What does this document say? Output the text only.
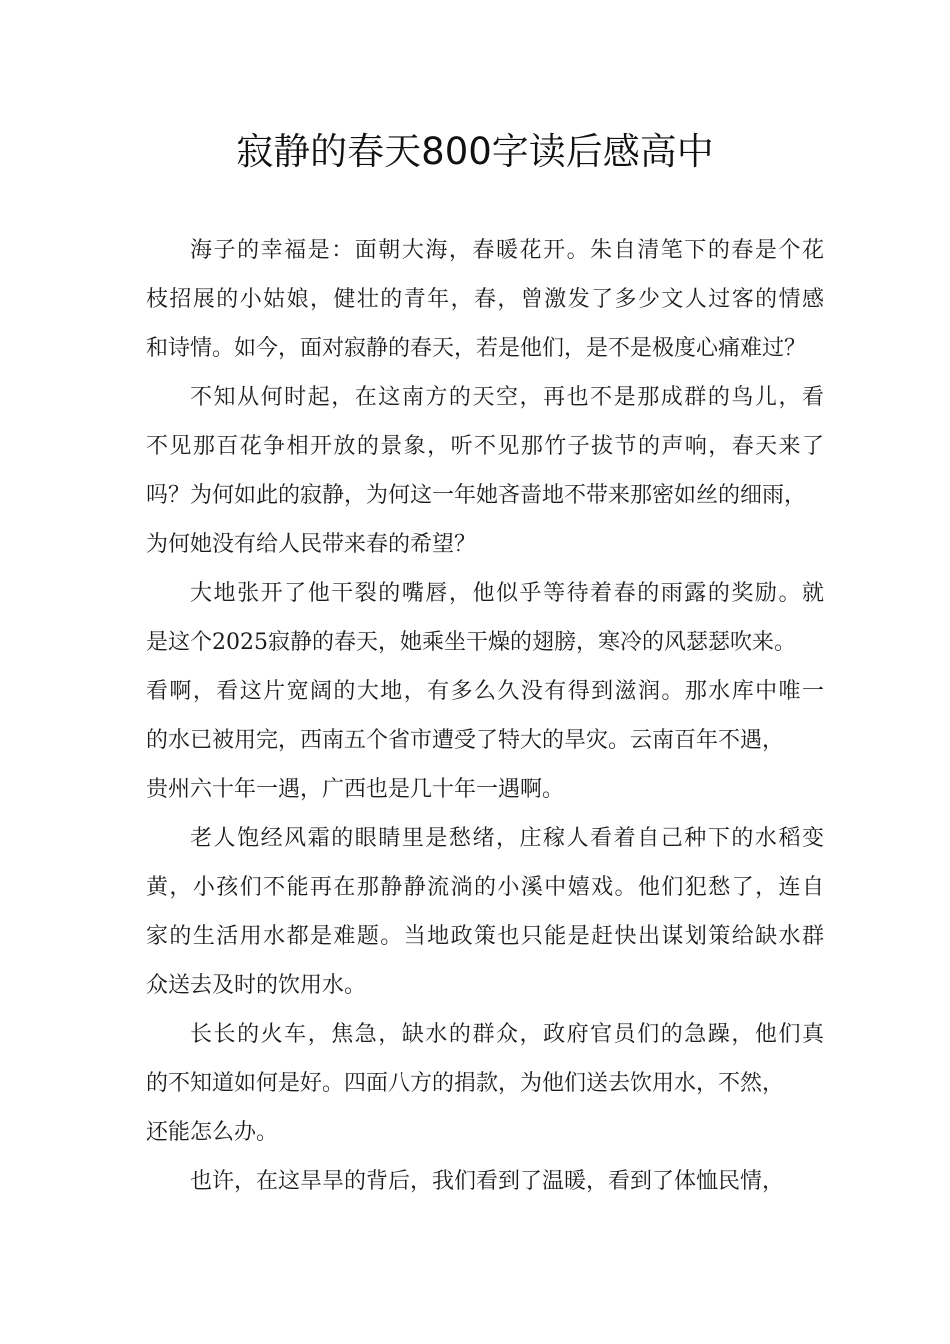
寂静的春天800字读后感高中
海子的幸福是：面朝大海，春暖花开。朱自清笔下的春是个花
枝招展的小姑娘，健壮的青年，春，曾激发了多少文人过客的情感
和诗情。如今，面对寂静的春天，若是他们，是不是极度心痛难过？
不知从何时起，在这南方的天空，再也不是那成群的鸟儿，看
不见那百花争相开放的景象，听不见那竹子拔节的声响，春天来了
吗？为何如此的寂静，为何这一年她吝啬地不带来那密如丝的细雨，
为何她没有给人民带来春的希望？
大地张开了他干裂的嘴唇，他似乎等待着春的雨露的奖励。就
是这个2025寂静的春天，她乘坐干燥的翅膀，寒冷的风瑟瑟吹来。
看啊，看这片宽阔的大地，有多么久没有得到滋润。那水库中唯一
的水已被用完，西南五个省市遭受了特大的旱灾。云南百年不遇，
贵州六十年一遇，广西也是几十年一遇啊。
老人饱经风霜的眼睛里是愁绪，庄稼人看着自己种下的水稻变
黄，小孩们不能再在那静静流淌的小溪中嬉戏。他们犯愁了，连自
家的生活用水都是难题。当地政策也只能是赶快出谋划策给缺水群
众送去及时的饮用水。
长长的火车，焦急，缺水的群众，政府官员们的急躁，他们真
的不知道如何是好。四面八方的捐款，为他们送去饮用水，不然，
还能怎么办。
也许，在这旱旱的背后，我们看到了温暖，看到了体恤民情，
